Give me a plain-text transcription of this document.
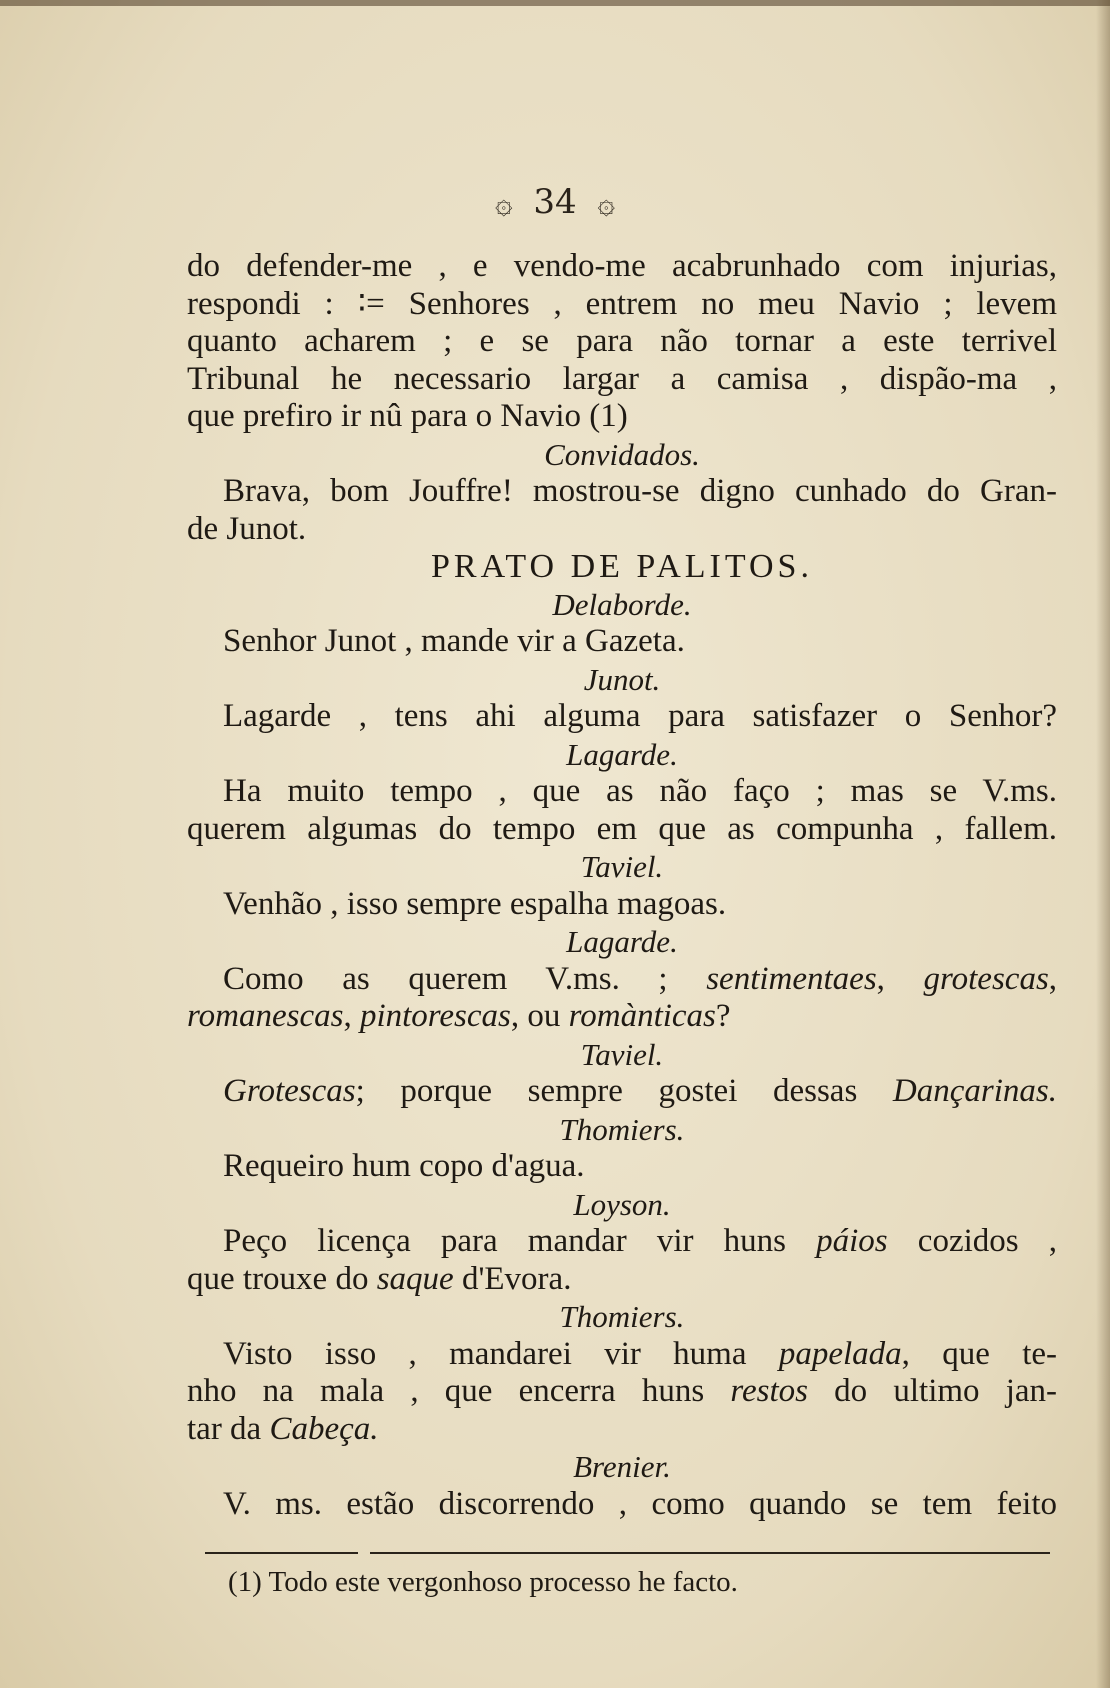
۞ 34 ۞

do defender-me , e vendo-me acabrunhado com injurias,

respondi : ∶= Senhores , entrem no meu Navio ; levem

quanto acharem ; e se para não tornar a este terrivel

Tribunal he necessario largar a camisa , dispão-ma ,

que prefiro ir nû para o Navio (1)

Convidados.

Brava, bom Jouffre! mostrou-se digno cunhado do Gran-

de Junot.

PRATO DE PALITOS.

Delaborde.

Senhor Junot , mande vir a Gazeta.

Junot.

Lagarde , tens ahi alguma para satisfazer o Senhor?

Lagarde.

Ha muito tempo , que as não faço ; mas se V.ms.

querem algumas do tempo em que as compunha , fallem.

Taviel.

Venhão , isso sempre espalha magoas.

Lagarde.

Como as querem V.ms. ; sentimentaes, grotescas,

romanescas, pintorescas, ou romànticas?

Taviel.

Grotescas; porque sempre gostei dessas Dançarinas.

Thomiers.

Requeiro hum copo d'agua.

Loyson.

Peço licença para mandar vir huns páios cozidos ,

que trouxe do saque d'Evora.

Thomiers.

Visto isso , mandarei vir huma papelada, que te-

nho na mala , que encerra huns restos do ultimo jan-

tar da Cabeça.

Brenier.

V. ms. estão discorrendo , como quando se tem feito

(1) Todo este vergonhoso processo he facto.
